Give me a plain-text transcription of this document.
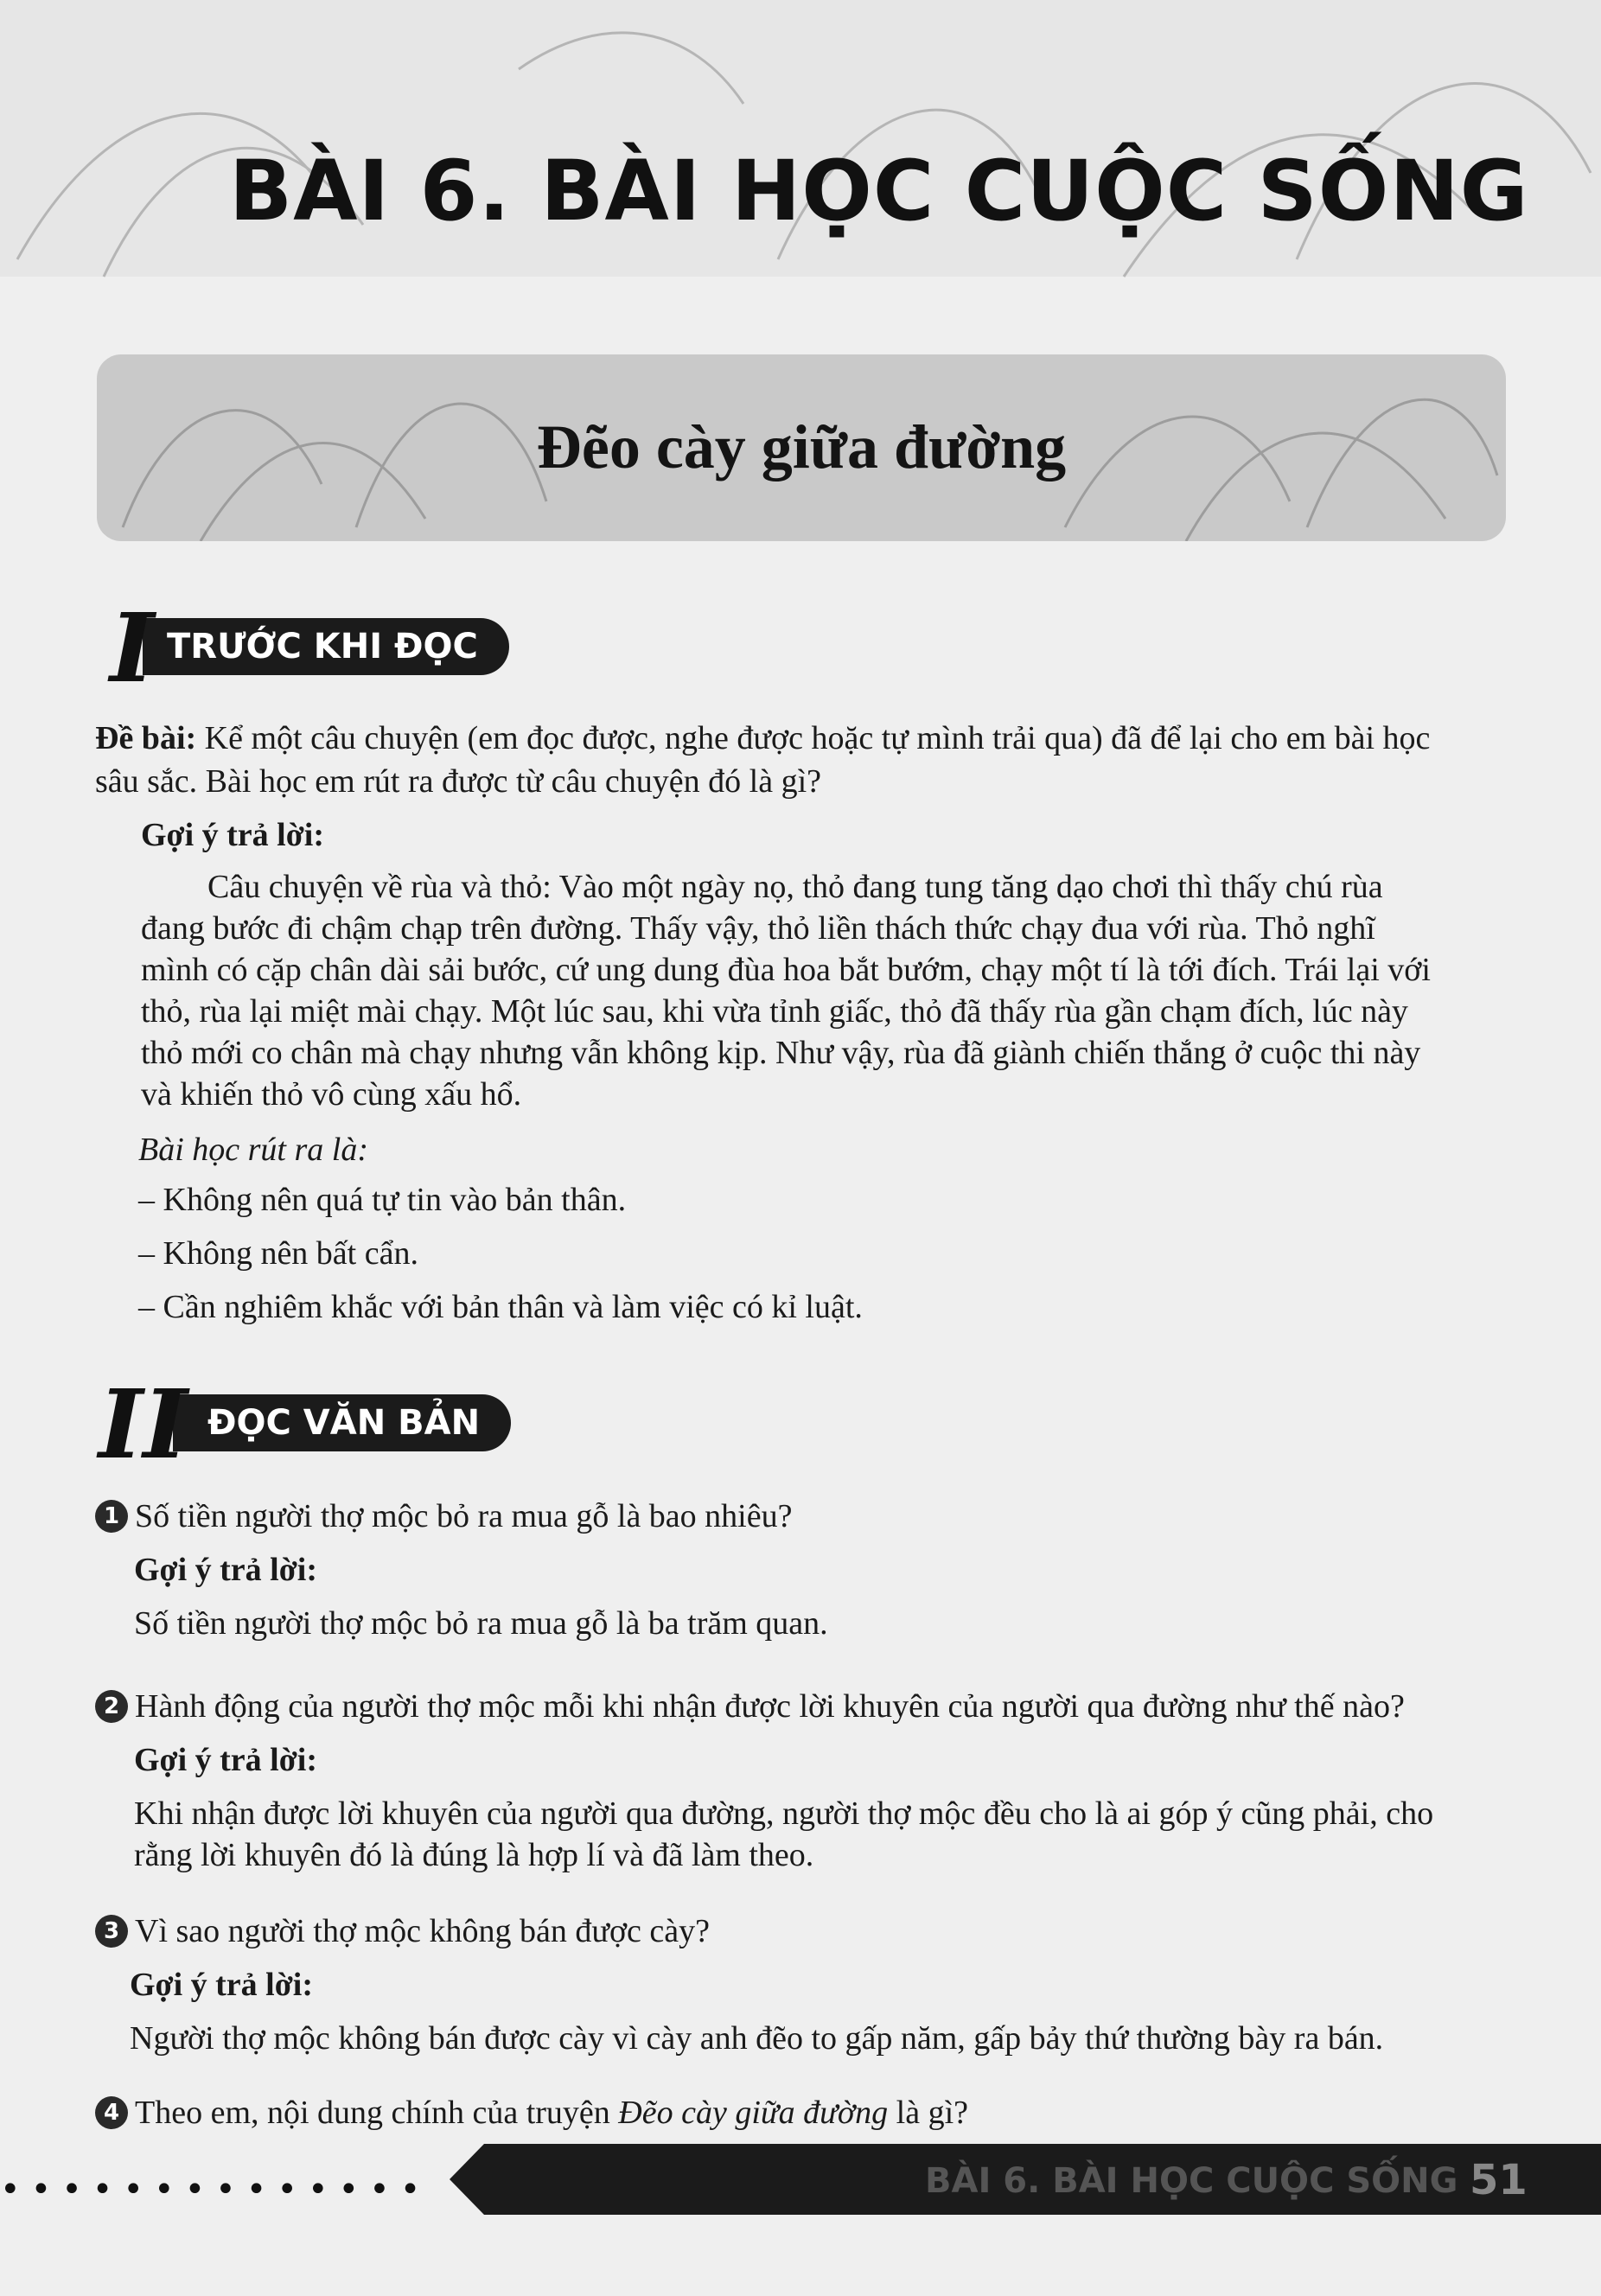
BÀI 6. BÀI HỌC CUỘC SỐNG
Đẽo cày giữa đường
TRƯỚC KHI ĐỌC
I
Đề bài: Kể một câu chuyện (em đọc được, nghe được hoặc tự mình trải qua) đã để lại cho em bài học
sâu sắc. Bài học em rút ra được từ câu chuyện đó là gì?
Gợi ý trả lời:
Câu chuyện về rùa và thỏ: Vào một ngày nọ, thỏ đang tung tăng dạo chơi thì thấy chú rùa
đang bước đi chậm chạp trên đường. Thấy vậy, thỏ liền thách thức chạy đua với rùa. Thỏ nghĩ
mình có cặp chân dài sải bước, cứ ung dung đùa hoa bắt bướm, chạy một tí là tới đích. Trái lại với
thỏ, rùa lại miệt mài chạy. Một lúc sau, khi vừa tỉnh giấc, thỏ đã thấy rùa gần chạm đích, lúc này
thỏ mới co chân mà chạy nhưng vẫn không kịp. Như vậy, rùa đã giành chiến thắng ở cuộc thi này
và khiến thỏ vô cùng xấu hổ.
Bài học rút ra là:
– Không nên quá tự tin vào bản thân.
– Không nên bất cẩn.
– Cần nghiêm khắc với bản thân và làm việc có kỉ luật.
ĐỌC VĂN BẢN
II
1 Số tiền người thợ mộc bỏ ra mua gỗ là bao nhiêu?
Gợi ý trả lời:
Số tiền người thợ mộc bỏ ra mua gỗ là ba trăm quan.
2 Hành động của người thợ mộc mỗi khi nhận được lời khuyên của người qua đường như thế nào?
Gợi ý trả lời:
Khi nhận được lời khuyên của người qua đường, người thợ mộc đều cho là ai góp ý cũng phải, cho
rằng lời khuyên đó là đúng là hợp lí và đã làm theo.
3 Vì sao người thợ mộc không bán được cày?
Gợi ý trả lời:
Người thợ mộc không bán được cày vì cày anh đẽo to gấp năm, gấp bảy thứ thường bày ra bán.
4 Theo em, nội dung chính của truyện Đẽo cày giữa đường là gì?
••••••••••••••	BÀI 6. BÀI HỌC CUỘC SỐNG 51
